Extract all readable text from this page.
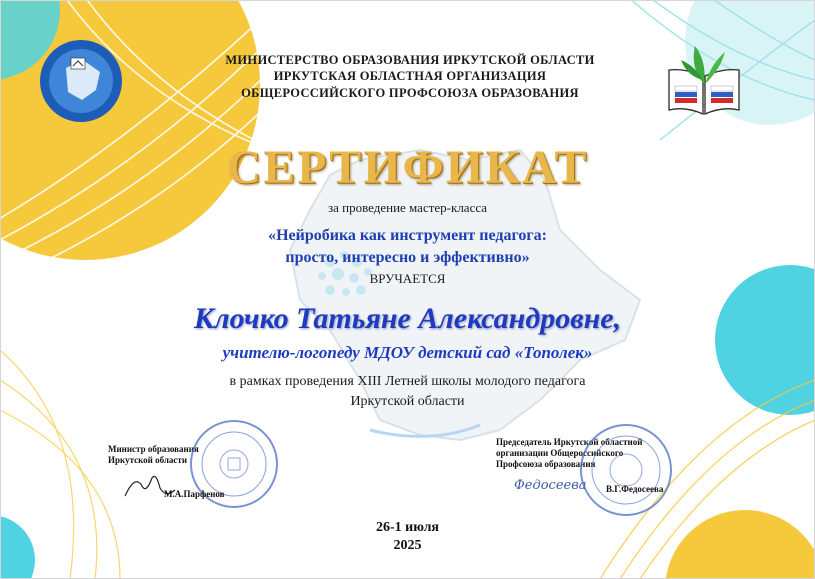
МИНИСТЕРСТВО ОБРАЗОВАНИЯ ИРКУТСКОЙ ОБЛАСТИ
ИРКУТСКАЯ ОБЛАСТНАЯ ОРГАНИЗАЦИЯ
ОБЩЕРОССИЙСКОГО ПРОФСОЮЗА ОБРАЗОВАНИЯ
СЕРТИФИКАТ
за проведение мастер-класса
«Нейробика как инструмент педагога:
просто, интересно и эффективно»
ВРУЧАЕТСЯ
Клочко Татьяне Александровне,
учителю-логопеду МДОУ детский сад «Тополек»
в рамках проведения XIII Летней школы молодого педагога
Иркутской области
Министр образования
Иркутской области
М.А.Парфенов
Председатель Иркутской областной
организации Общероссийского
Профсоюза образования
Федосеева В.Г.Федосеева
26-1 июля
2025
